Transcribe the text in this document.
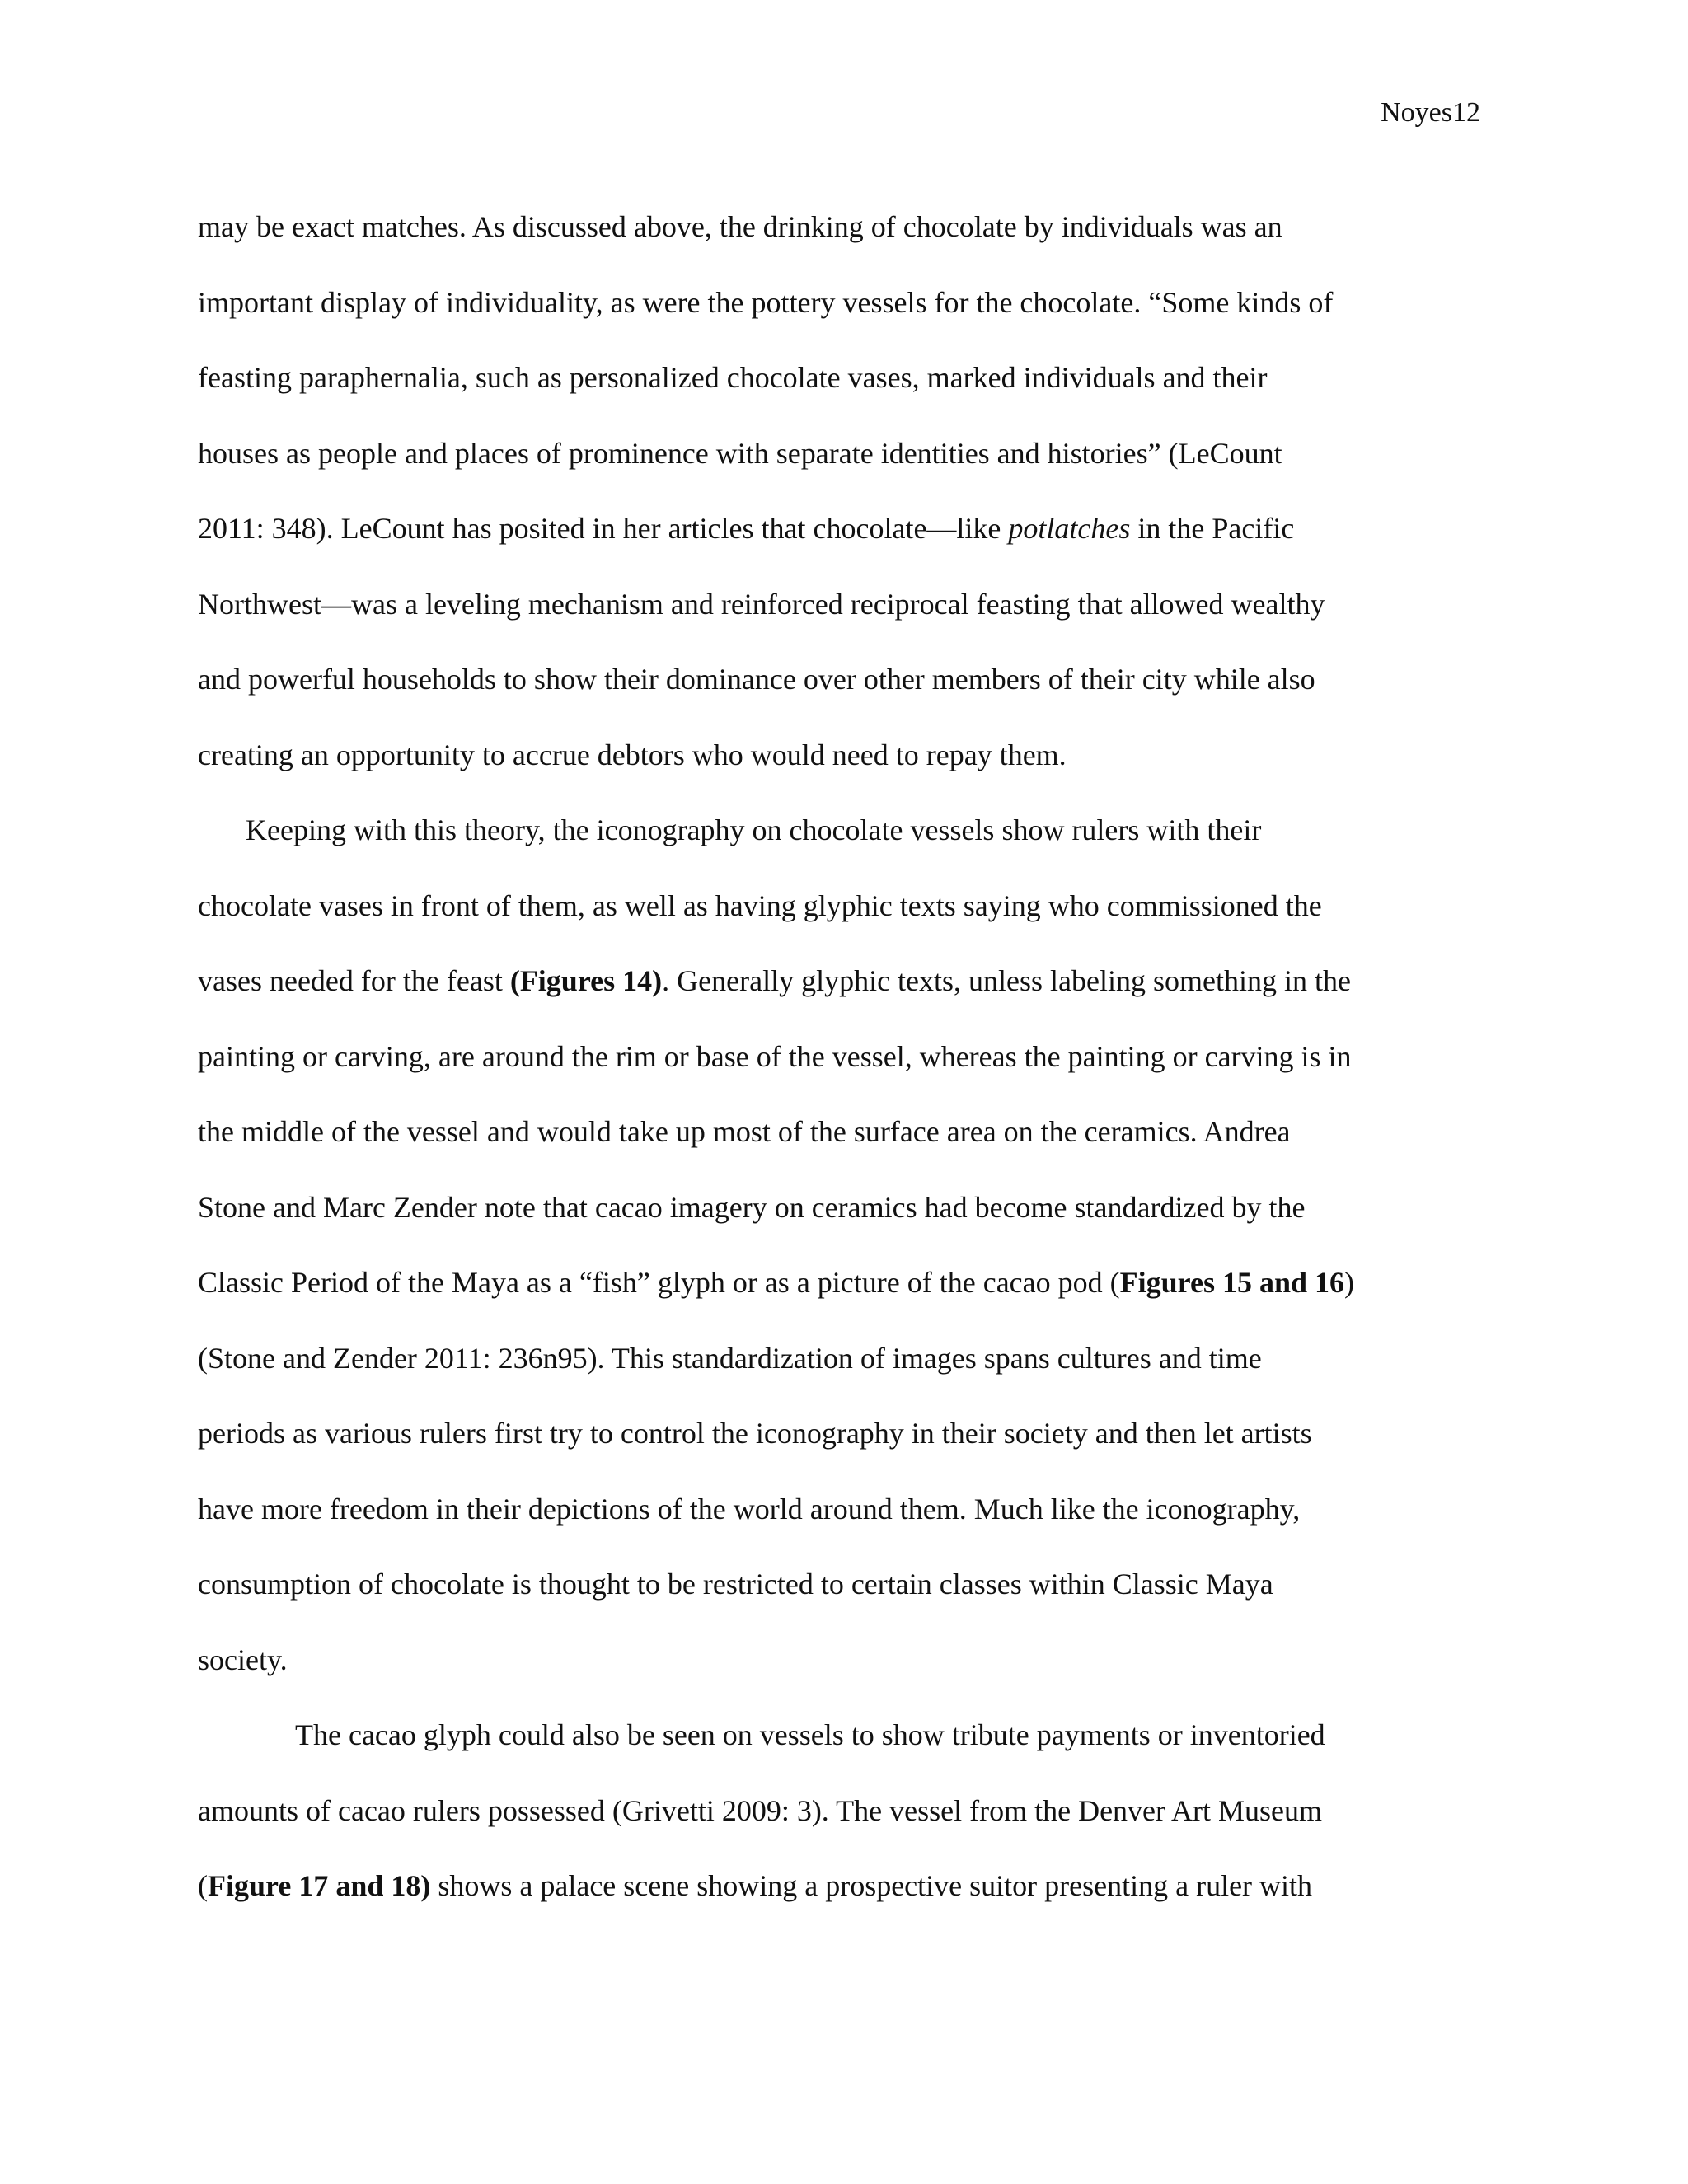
Noyes12
may be exact matches. As discussed above, the drinking of chocolate by individuals was an
important display of individuality, as were the pottery vessels for the chocolate. “Some kinds of
feasting paraphernalia, such as personalized chocolate vases, marked individuals and their
houses as people and places of prominence with separate identities and histories” (LeCount
2011: 348). LeCount has posited in her articles that chocolate—like potlatches in the Pacific
Northwest—was a leveling mechanism and reinforced reciprocal feasting that allowed wealthy
and powerful households to show their dominance over other members of their city while also
creating an opportunity to accrue debtors who would need to repay them.
Keeping with this theory, the iconography on chocolate vessels show rulers with their
chocolate vases in front of them, as well as having glyphic texts saying who commissioned the
vases needed for the feast (Figures 14). Generally glyphic texts, unless labeling something in the
painting or carving, are around the rim or base of the vessel, whereas the painting or carving is in
the middle of the vessel and would take up most of the surface area on the ceramics. Andrea
Stone and Marc Zender note that cacao imagery on ceramics had become standardized by the
Classic Period of the Maya as a “fish” glyph or as a picture of the cacao pod (Figures 15 and 16)
(Stone and Zender 2011: 236n95). This standardization of images spans cultures and time
periods as various rulers first try to control the iconography in their society and then let artists
have more freedom in their depictions of the world around them. Much like the iconography,
consumption of chocolate is thought to be restricted to certain classes within Classic Maya
society.
The cacao glyph could also be seen on vessels to show tribute payments or inventoried
amounts of cacao rulers possessed (Grivetti 2009: 3). The vessel from the Denver Art Museum
(Figure 17 and 18) shows a palace scene showing a prospective suitor presenting a ruler with
